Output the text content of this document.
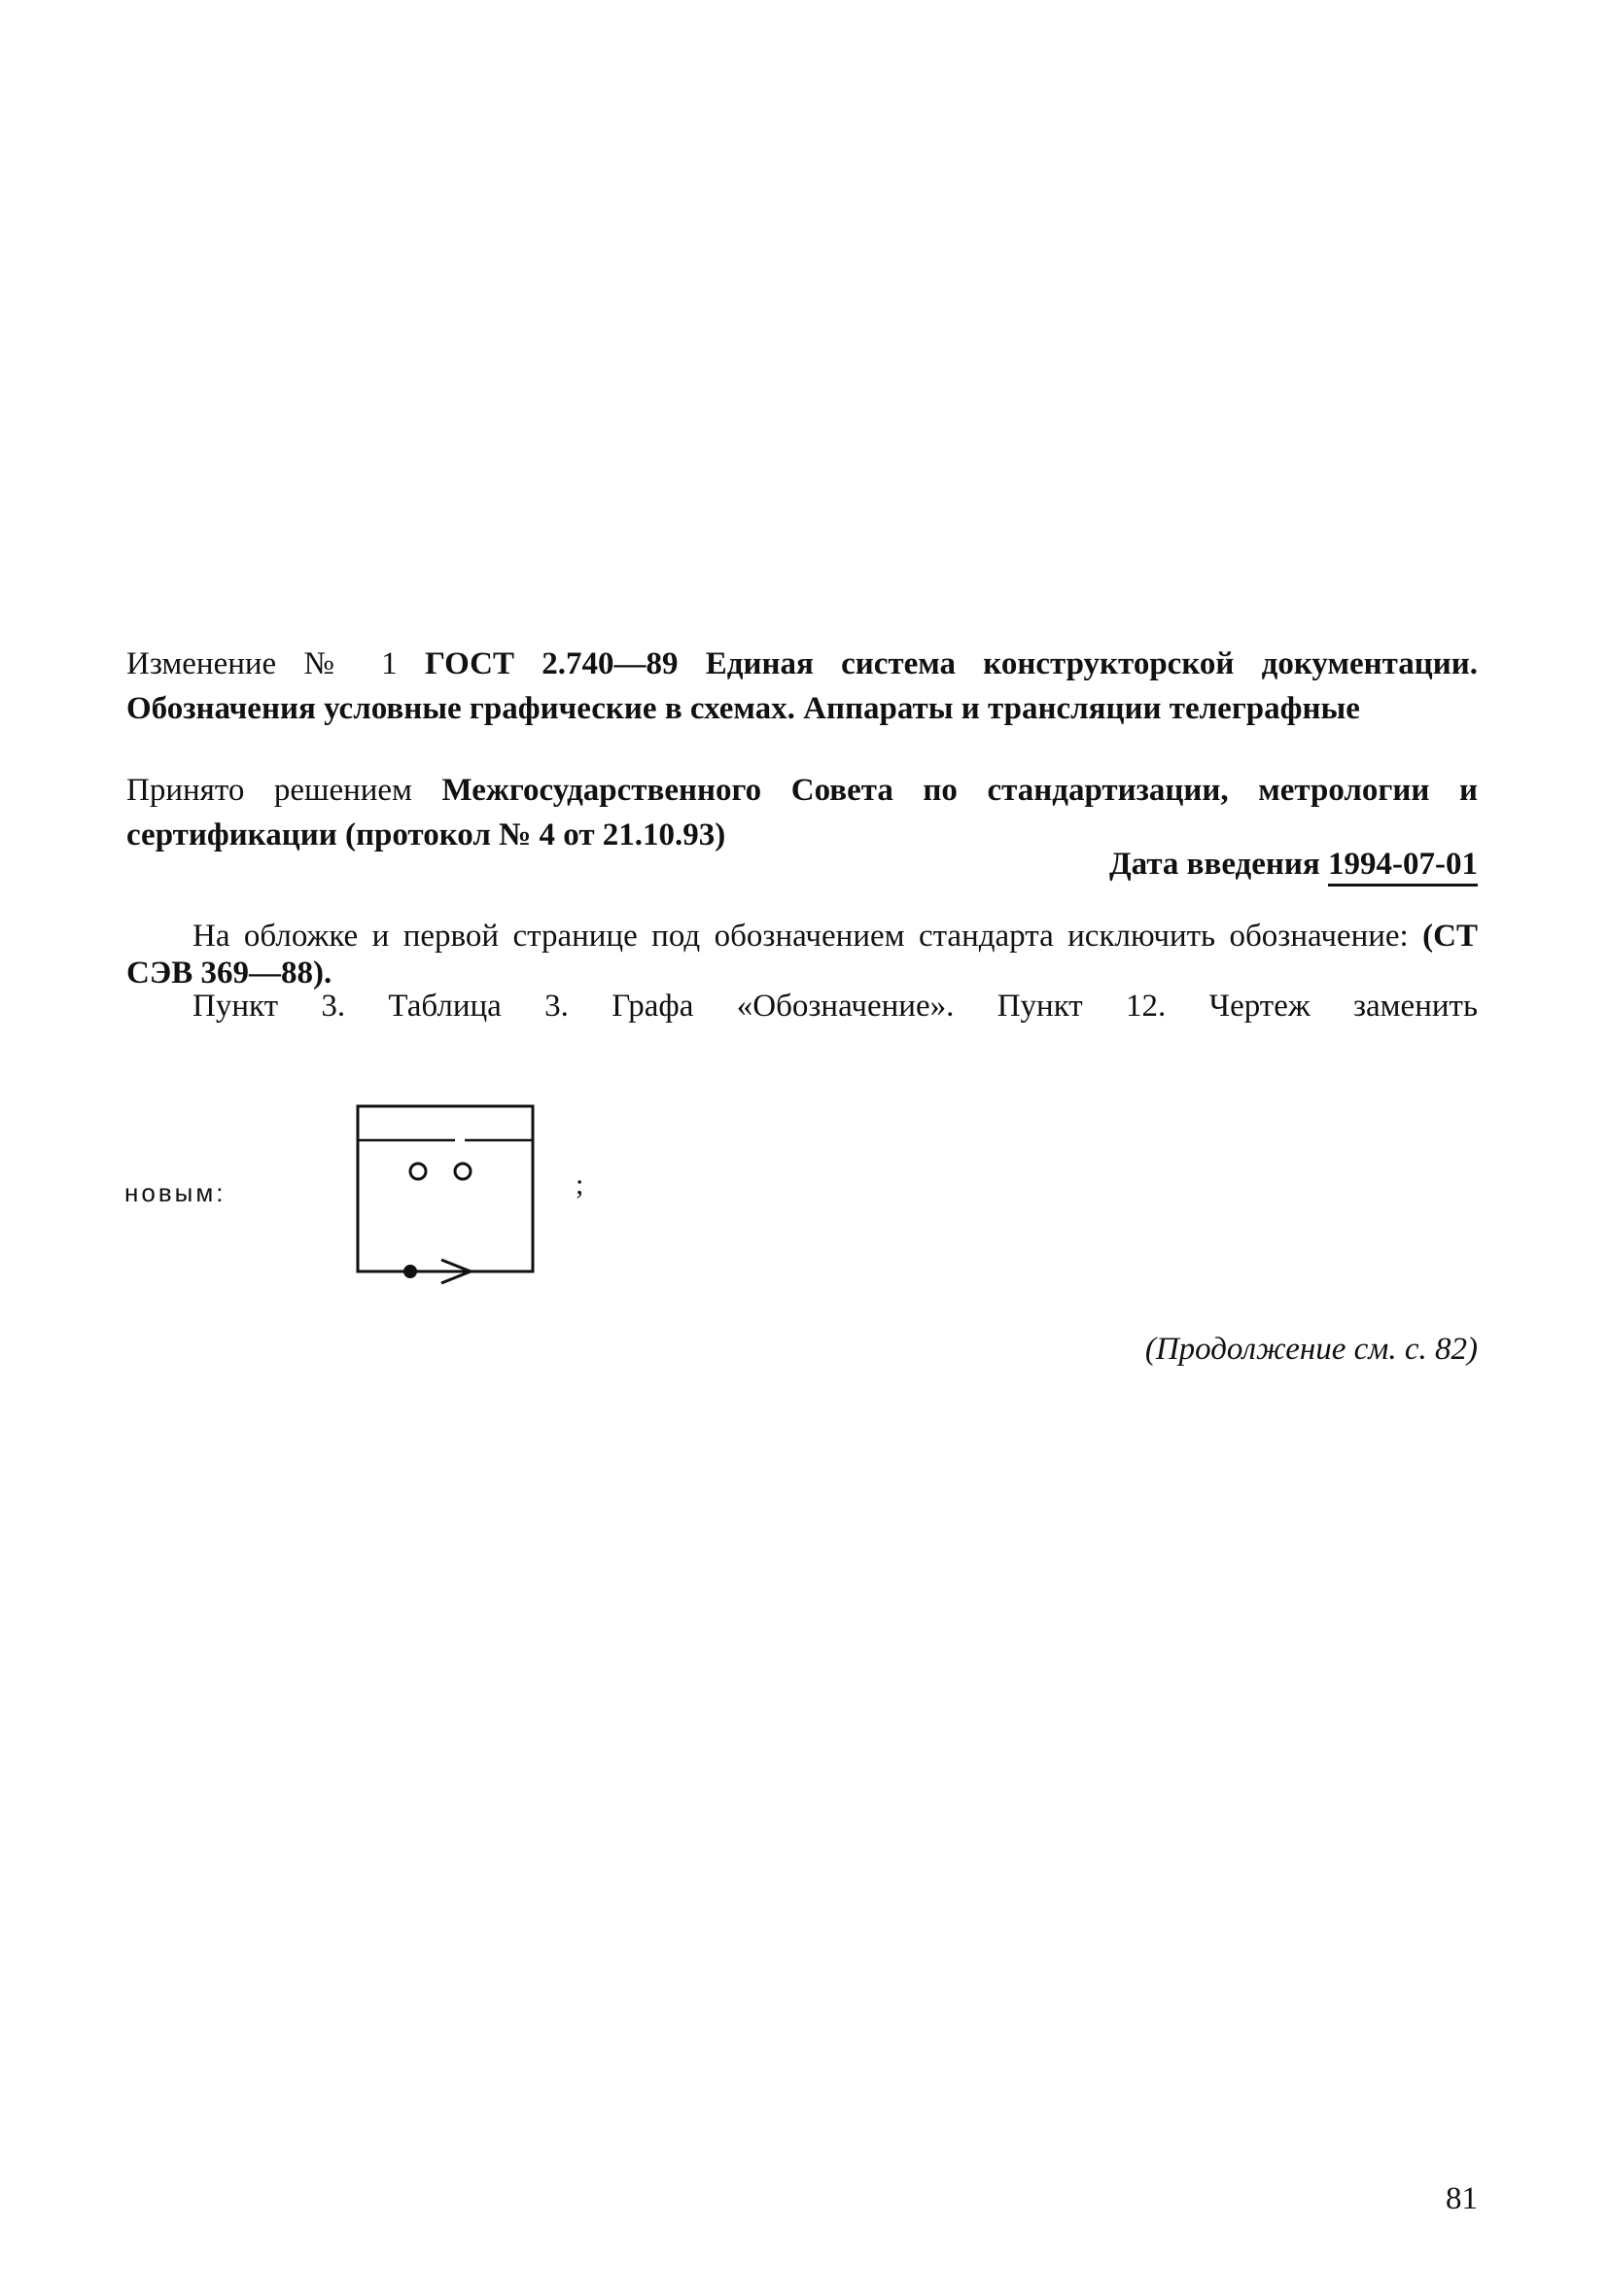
Изменение № 1 ГОСТ 2.740—89 Единая система конструкторской документации. Обозначения условные графические в схемах. Аппараты и трансляции телеграфные
Принято решением Межгосударственного Совета по стандартизации, метрологии и сертификации (протокол № 4 от 21.10.93)
Дата введения 1994-07-01
На обложке и первой странице под обозначением стандарта исключить обозначение: (СТ СЭВ 369—88).
Пункт 3. Таблица 3. Графа «Обозначение». Пункт 12. Чертеж заменить
новым:	;
(Продолжение см. с. 82)
81
